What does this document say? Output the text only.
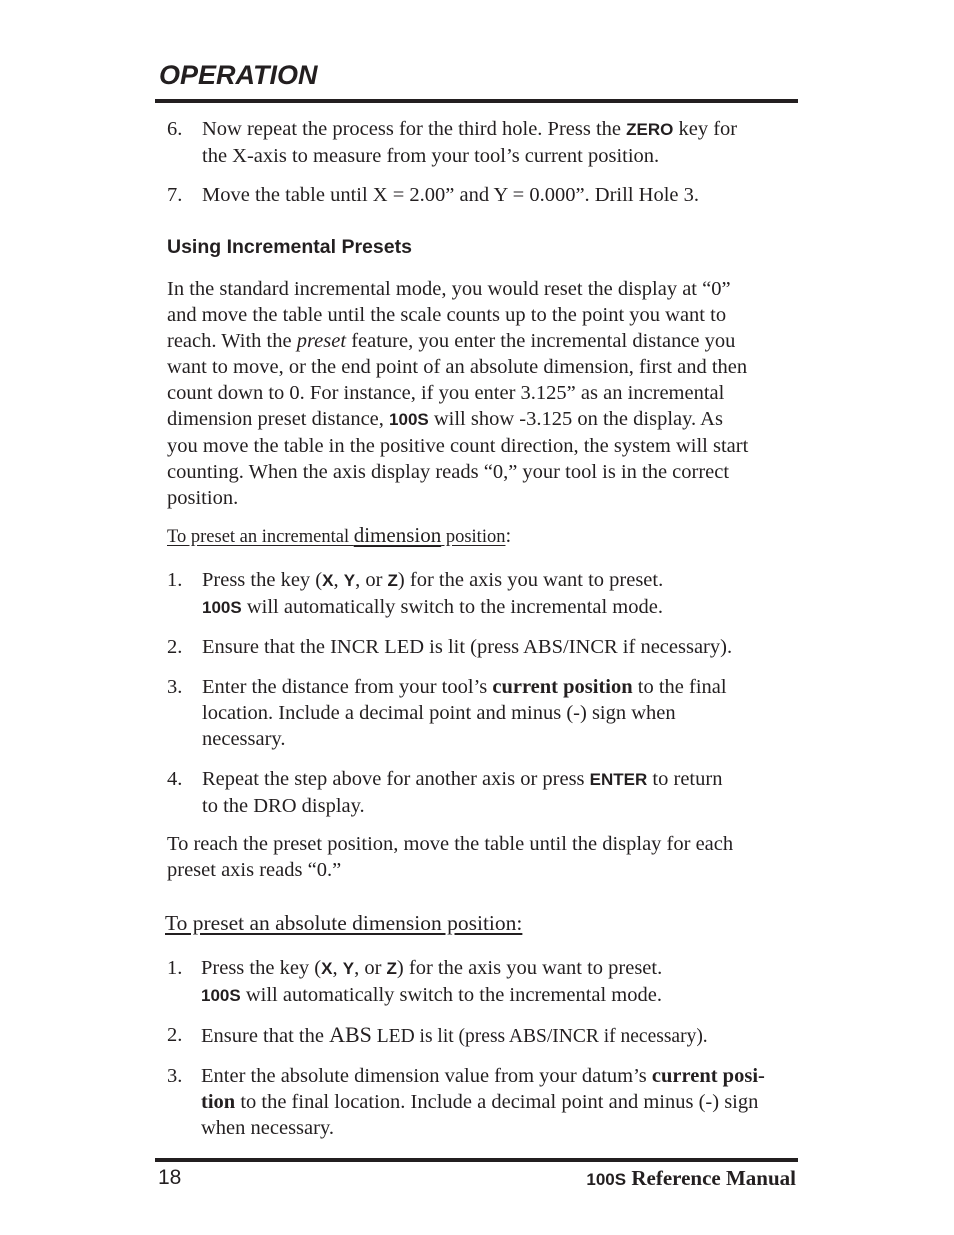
OPERATION
6. Now repeat the process for the third hole. Press the ZERO key for
the X-axis to measure from your tool’s current position.
7. Move the table until X = 2.00” and Y = 0.000”. Drill Hole 3.
Using Incremental Presets
In the standard incremental mode, you would reset the display at “0”
and move the table until the scale counts up to the point you want to
reach. With the preset feature, you enter the incremental distance you
want to move, or the end point of an absolute dimension, first and then
count down to 0. For instance, if you enter 3.125” as an incremental
dimension preset distance, 100S will show -3.125 on the display. As
you move the table in the positive count direction, the system will start
counting. When the axis display reads “0,” your tool is in the correct
position.
To preset an incremental dimension position:
1. Press the key (X, Y, or Z) for the axis you want to preset.
100S will automatically switch to the incremental mode.
2. Ensure that the INCR LED is lit (press ABS/INCR if necessary).
3. Enter the distance from your tool’s current position to the final
location. Include a decimal point and minus (-) sign when
necessary.
4. Repeat the step above for another axis or press ENTER to return
to the DRO display.
To reach the preset position, move the table until the display for each
preset axis reads “0.”
To preset an absolute dimension position:
1. Press the key (X, Y, or Z) for the axis you want to preset.
100S will automatically switch to the incremental mode.
2. Ensure that the ABS LED is lit (press ABS/INCR if necessary).
3. Enter the absolute dimension value from your datum’s current posi-
tion to the final location. Include a decimal point and minus (-) sign
when necessary.
18	100S Reference Manual
